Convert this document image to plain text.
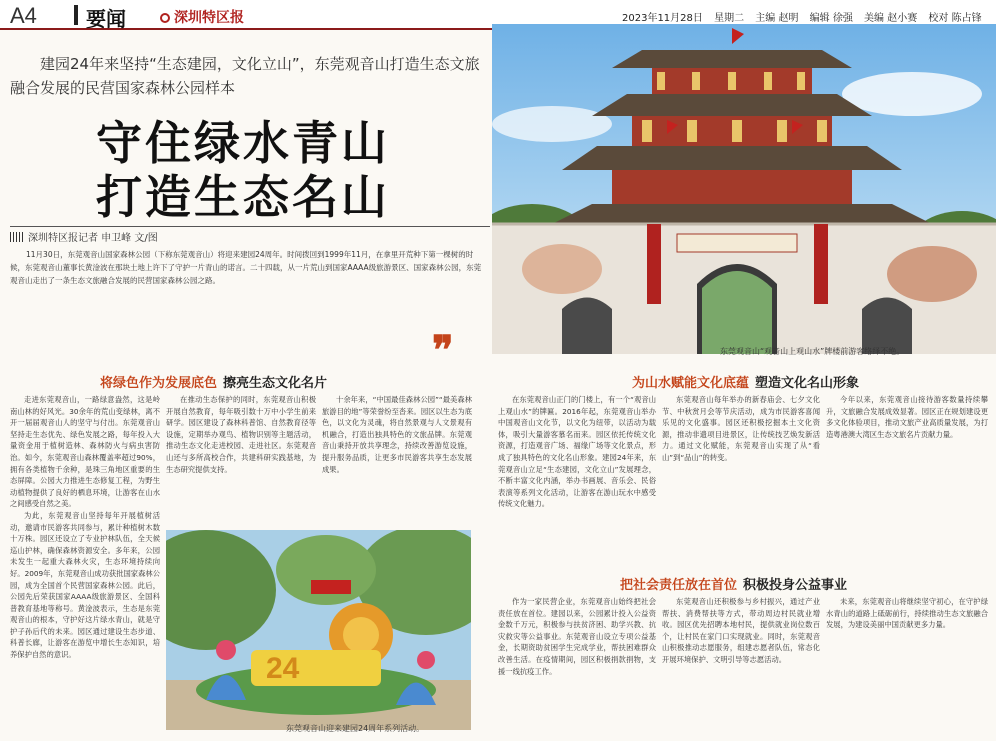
A4 要闻	深圳特区报	2023年11月28日 星期二 主编 赵明 编辑 徐强 美编 赵小赛 校对 陈占锋
建园24年来坚持“生态建园，文化立山”，东莞观音山打造生态文旅融合发展的民营国家森林公园样本
守住绿水青山
打造生态名山
深圳特区报记者 申卫峰 文/图
11月30日，东莞观音山国家森林公园（下称东莞观音山）将迎来建园24周年。时间拨回到1999年11月，在拿里开荒种下第一棵树的时候，东莞观音山董事长黄淦波在那块土地上许下了守护一片青山的诺言。二十四载，从一片荒山到国家AAAA级旅游景区、国家森林公园，东莞观音山走出了一条生态文旅融合发展的民营国家森林公园之路。
❞	东莞观音山“观音山上观山水”牌楼前游客络绎不绝。
将绿色作为发展底色 擦亮生态文化名片	为山水赋能文化底蕴 塑造文化名山形象
把社会责任放在首位 积极投身公益事业

走进东莞观音山，一路绿意盎然，这是岭南山林的好风光。30余年的荒山变绿林，离不开一届届观音山人的坚守与付出。东莞观音山坚持走生态优先、绿色发展之路，每年投入大量资金用于植树造林、森林防火与病虫害防治。如今，东莞观音山森林覆盖率超过90%，拥有各类植物千余种，是珠三角地区重要的生态屏障。公园大力推进生态修复工程，为野生动植物提供了良好的栖息环境，让游客在山水之间感受自然之美。

为此，东莞观音山坚持每年开展植树活动，邀请市民游客共同参与，累计种植树木数十万株。园区还设立了专业护林队伍，全天候巡山护林，确保森林资源安全。多年来，公园未发生一起重大森林火灾，生态环境持续向好。2009年，东莞观音山成功获批国家森林公园，成为全国首个民营国家森林公园。此后，公园先后荣获国家AAAA级旅游景区、全国科普教育基地等称号。黄淦波表示，生态是东莞观音山的根本，守护好这片绿水青山，就是守护子孙后代的未来。园区通过建设生态步道、科普长廊，让游客在游览中增长生态知识，培养保护自然的意识。

在推动生态保护的同时，东莞观音山积极开展自然教育，每年吸引数十万中小学生前来研学。园区建设了森林科普馆、自然教育径等设施，定期举办观鸟、植物识别等主题活动，推动生态文化走进校园、走进社区。东莞观音山还与多所高校合作，共建科研实践基地，为生态研究提供支持。

十余年来，“中国最佳森林公园”“最美森林旅游目的地”等荣誉纷至沓来。园区以生态为底色，以文化为灵魂，将自然景观与人文景观有机融合，打造出独具特色的文旅品牌。东莞观音山秉持开放共享理念，持续改善游览设施，提升服务品质，让更多市民游客共享生态发展成果。

24
东莞观音山迎来建园24周年系列活动。

在东莞观音山正门的门楼上，有一个“观音山上观山水”的牌匾。2016年起，东莞观音山举办中国观音山文化节，以文化为纽带，以活动为载体，吸引大量游客慕名而来。园区依托传统文化资源，打造观音广场、福缘广场等文化景点，形成了独具特色的文化名山形象。建园24年来，东莞观音山立足“生态建园，文化立山”发展理念，不断丰富文化内涵，举办书画展、音乐会、民俗表演等系列文化活动，让游客在游山玩水中感受传统文化魅力。

东莞观音山每年举办的新春庙会、七夕文化节、中秋赏月会等节庆活动，成为市民游客喜闻乐见的文化盛事。园区还积极挖掘本土文化资源，推动非遗项目进景区，让传统技艺焕发新活力。通过文化赋能，东莞观音山实现了从“看山”到“品山”的转变。

今年以来，东莞观音山接待游客数量持续攀升，文旅融合发展成效显著。园区正在规划建设更多文化体验项目，推动文旅产业高质量发展，为打造粤港澳大湾区生态文旅名片贡献力量。

作为一家民营企业，东莞观音山始终把社会责任放在首位。建园以来，公园累计投入公益资金数千万元，积极参与扶贫济困、助学兴教、抗灾救灾等公益事业。东莞观音山设立专项公益基金，长期资助贫困学生完成学业，帮扶困难群众改善生活。在疫情期间，园区积极捐款捐物，支援一线抗疫工作。

东莞观音山还积极参与乡村振兴，通过产业帮扶、消费帮扶等方式，带动周边村民就业增收。园区优先招聘本地村民，提供就业岗位数百个，让村民在家门口实现就业。同时，东莞观音山积极推动志愿服务，组建志愿者队伍，常态化开展环境保护、文明引导等志愿活动。

未来，东莞观音山将继续坚守初心，在守护绿水青山的道路上砥砺前行，持续推动生态文旅融合发展，为建设美丽中国贡献更多力量。
